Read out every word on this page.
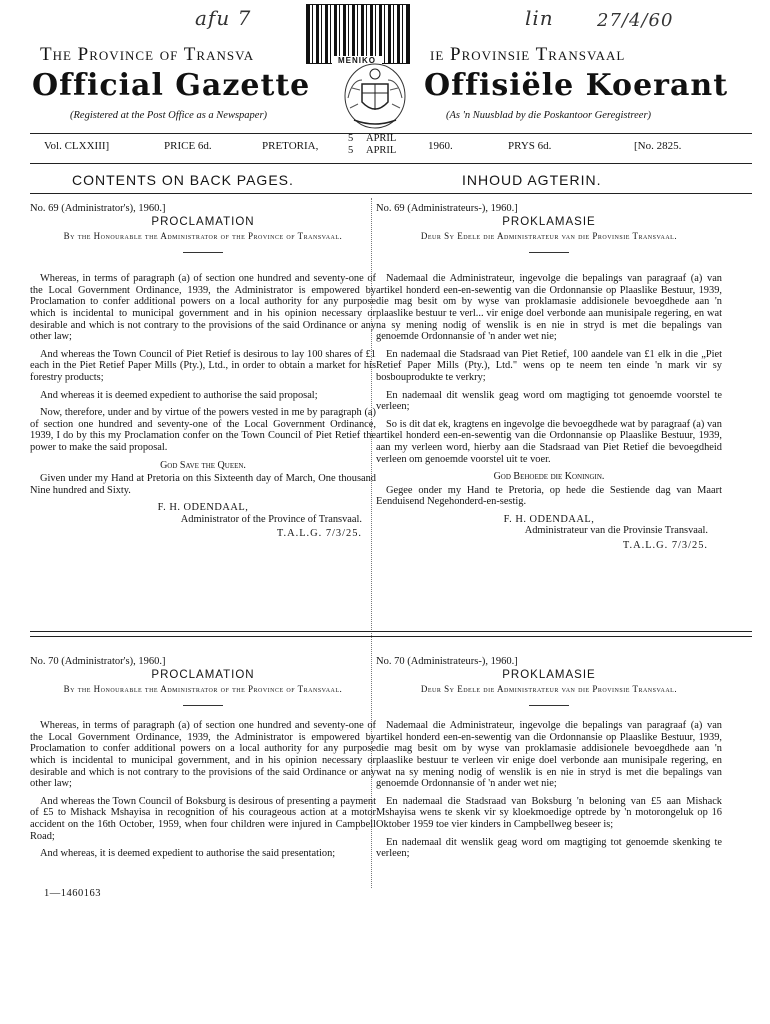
afu 7	lin 27/4/60
MENIKO
The Province of Transva	ie Provinsie Transvaal
Official Gazette	Offisiële Koerant
(Registered at the Post Office as a Newspaper)	(As 'n Nuusblad by die Poskantoor Geregistreer)
Vol. CLXXIII]	PRICE 6d.	PRETORIA,
5
5
APRIL
APRIL	1960.	PRYS 6d.	[No. 2825.
CONTENTS ON BACK PAGES.	INHOUD AGTERIN.
No. 69 (Administrator's), 1960.]
PROCLAMATION
By the Honourable the Administrator of the Province of Transvaal.

Whereas, in terms of paragraph (a) of section one hundred and seventy-one of the Local Government Ordinance, 1939, the Administrator is empowered by Proclamation to confer additional powers on a local authority for any purpose which is incidental to municipal government and in his opinion necessary or desirable and which is not contrary to the provisions of the said Ordinance or any other law;

And whereas the Town Council of Piet Retief is desirous to lay 100 shares of £1 each in the Piet Retief Paper Mills (Pty.), Ltd., in order to obtain a market for his forestry products;

And whereas it is deemed expedient to authorise the said proposal;

Now, therefore, under and by virtue of the powers vested in me by paragraph (a) of section one hundred and seventy-one of the Local Government Ordinance, 1939, I do by this my Proclamation confer on the Town Council of Piet Retief the power to make the said proposal.

God Save the Queen.

Given under my Hand at Pretoria on this Sixteenth day of March, One thousand Nine hundred and Sixty.

F. H. ODENDAAL,
Administrator of the Province of Transvaal.
T.A.L.G. 7/3/25.
No. 69 (Administrateurs-), 1960.]
PROKLAMASIE
Deur Sy Edele die Administrateur van die Provinsie Transvaal.

Nademaal die Administrateur, ingevolge die bepalings van paragraaf (a) van artikel honderd een-en-sewentig van die Ordonnansie op Plaaslike Bestuur, 1939, die mag besit om by wyse van proklamasie addisionele bevoegdhede aan 'n plaaslike bestuur te verl... vir enige doel verbonde aan munisipale regering, en wat na sy mening nodig of wenslik is en nie in stryd is met die bepalings van genoemde Ordonnansie of 'n ander wet nie;

En nademaal die Stadsraad van Piet Retief, 100 aandele van £1 elk in die „Piet Retief Paper Mills (Pty.), Ltd." wens op te neem ten einde 'n mark vir sy bosbouprodukte te verkry;

En nademaal dit wenslik geag word om magtiging tot genoemde voorstel te verleen;

So is dit dat ek, kragtens en ingevolge die bevoegdhede wat by paragraaf (a) van artikel honderd een-en-sewentig van die Ordonnansie op Plaaslike Bestuur, 1939, aan my verleen word, hierby aan die Stadsraad van Piet Retief die bevoegdheid verleen om genoemde voorstel uit te voer.

God Behoede die Koningin.

Gegee onder my Hand te Pretoria, op hede die Sestiende dag van Maart Eenduisend Negehonderd-en-sestig.

F. H. ODENDAAL,
Administrateur van die Provinsie Transvaal.
T.A.L.G. 7/3/25.
No. 70 (Administrator's), 1960.]
PROCLAMATION
By the Honourable the Administrator of the Province of Transvaal.

Whereas, in terms of paragraph (a) of section one hundred and seventy-one of the Local Government Ordinance, 1939, the Administrator is empowered by Proclamation to confer additional powers on a local authority for any purpose which is incidental to municipal government, and in his opinion necessary or desirable and which is not contrary to the provisions of the said Ordinance or any other law;

And whereas the Town Council of Boksburg is desirous of presenting a payment of £5 to Mishack Mshayisa in recognition of his courageous action at a motor accident on the 16th October, 1959, when four children were injured in Campbell Road;

And whereas, it is deemed expedient to authorise the said presentation;

No. 70 (Administrateurs-), 1960.]
PROKLAMASIE
Deur Sy Edele die Administrateur van die Provinsie Transvaal.

Nademaal die Administrateur, ingevolge die bepalings van paragraaf (a) van artikel honderd een-en-sewentig van die Ordonnansie op Plaaslike Bestuur, 1939, die mag besit om by wyse van proklamasie addisionele bevoegdhede aan 'n plaaslike bestuur te verleen vir enige doel verbonde aan munisipale regering, en wat na sy mening nodig of wenslik is en nie in stryd is met die bepalings van genoemde Ordonnansie of 'n ander wet nie;

En nademaal die Stadsraad van Boksburg 'n beloning van £5 aan Mishack Mshayisa wens te skenk vir sy kloekmoedige optrede by 'n motorongeluk op 16 Oktober 1959 toe vier kinders in Campbellweg beseer is;

En nademaal dit wenslik geag word om magtiging tot genoemde skenking te verleen;

1—1460163
